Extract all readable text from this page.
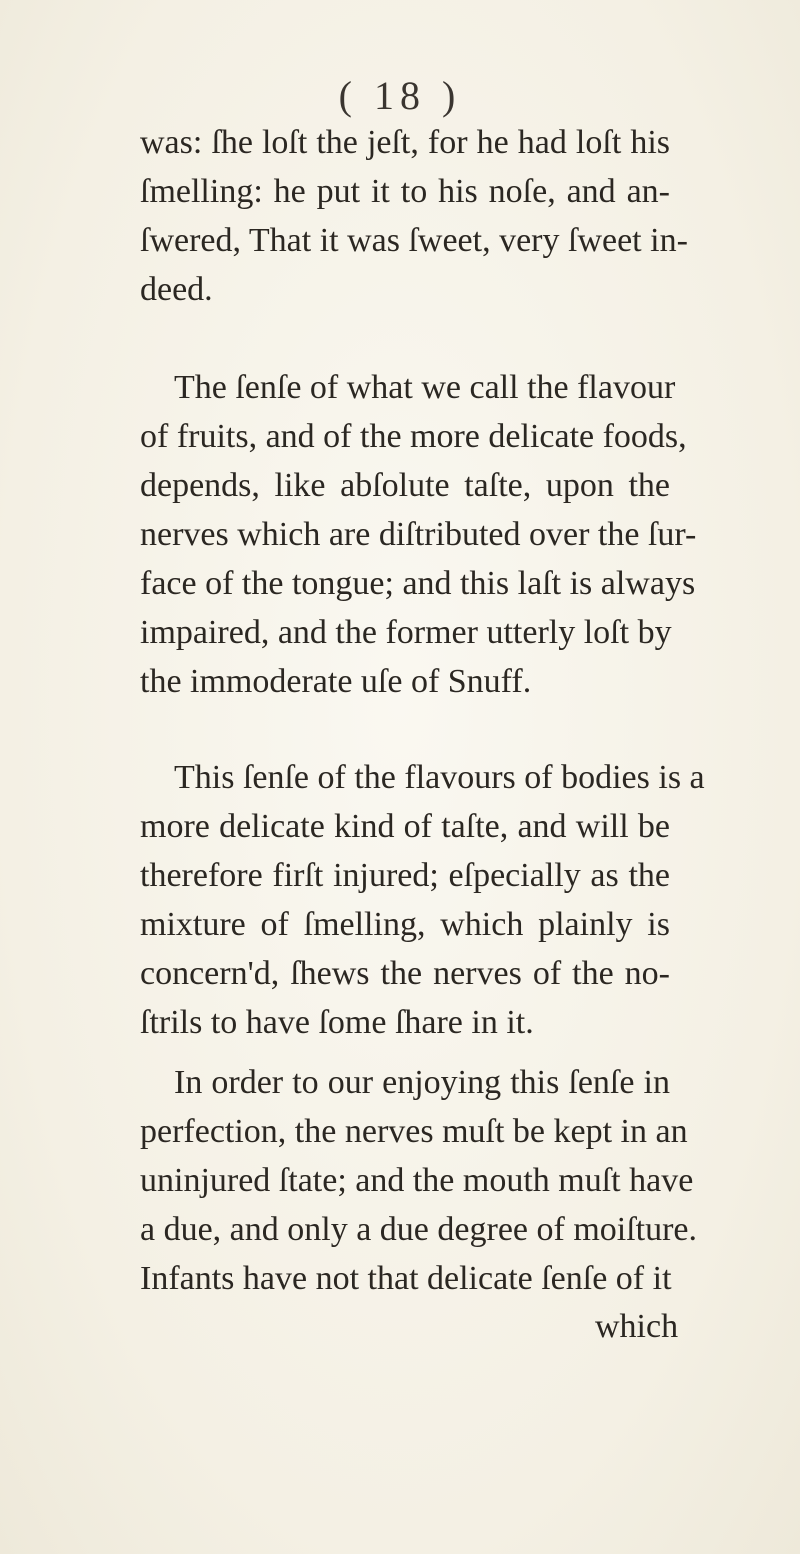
( 18 )
was: ſhe loſt the jeſt, for he had loſt his
ſmelling: he put it to his noſe, and an-
ſwered, That it was ſweet, very ſweet in-
deed.
The ſenſe of what we call the flavour
of fruits, and of the more delicate foods,
depends, like abſolute taſte, upon the
nerves which are diſtributed over the ſur-
face of the tongue; and this laſt is always
impaired, and the former utterly loſt by
the immoderate uſe of Snuff.
This ſenſe of the flavours of bodies is a
more delicate kind of taſte, and will be
therefore firſt injured; eſpecially as the
mixture of ſmelling, which plainly is
concern'd, ſhews the nerves of the no-
ſtrils to have ſome ſhare in it.
In order to our enjoying this ſenſe in
perfection, the nerves muſt be kept in an
uninjured ſtate; and the mouth muſt have
a due, and only a due degree of moiſture.
Infants have not that delicate ſenſe of it
which
